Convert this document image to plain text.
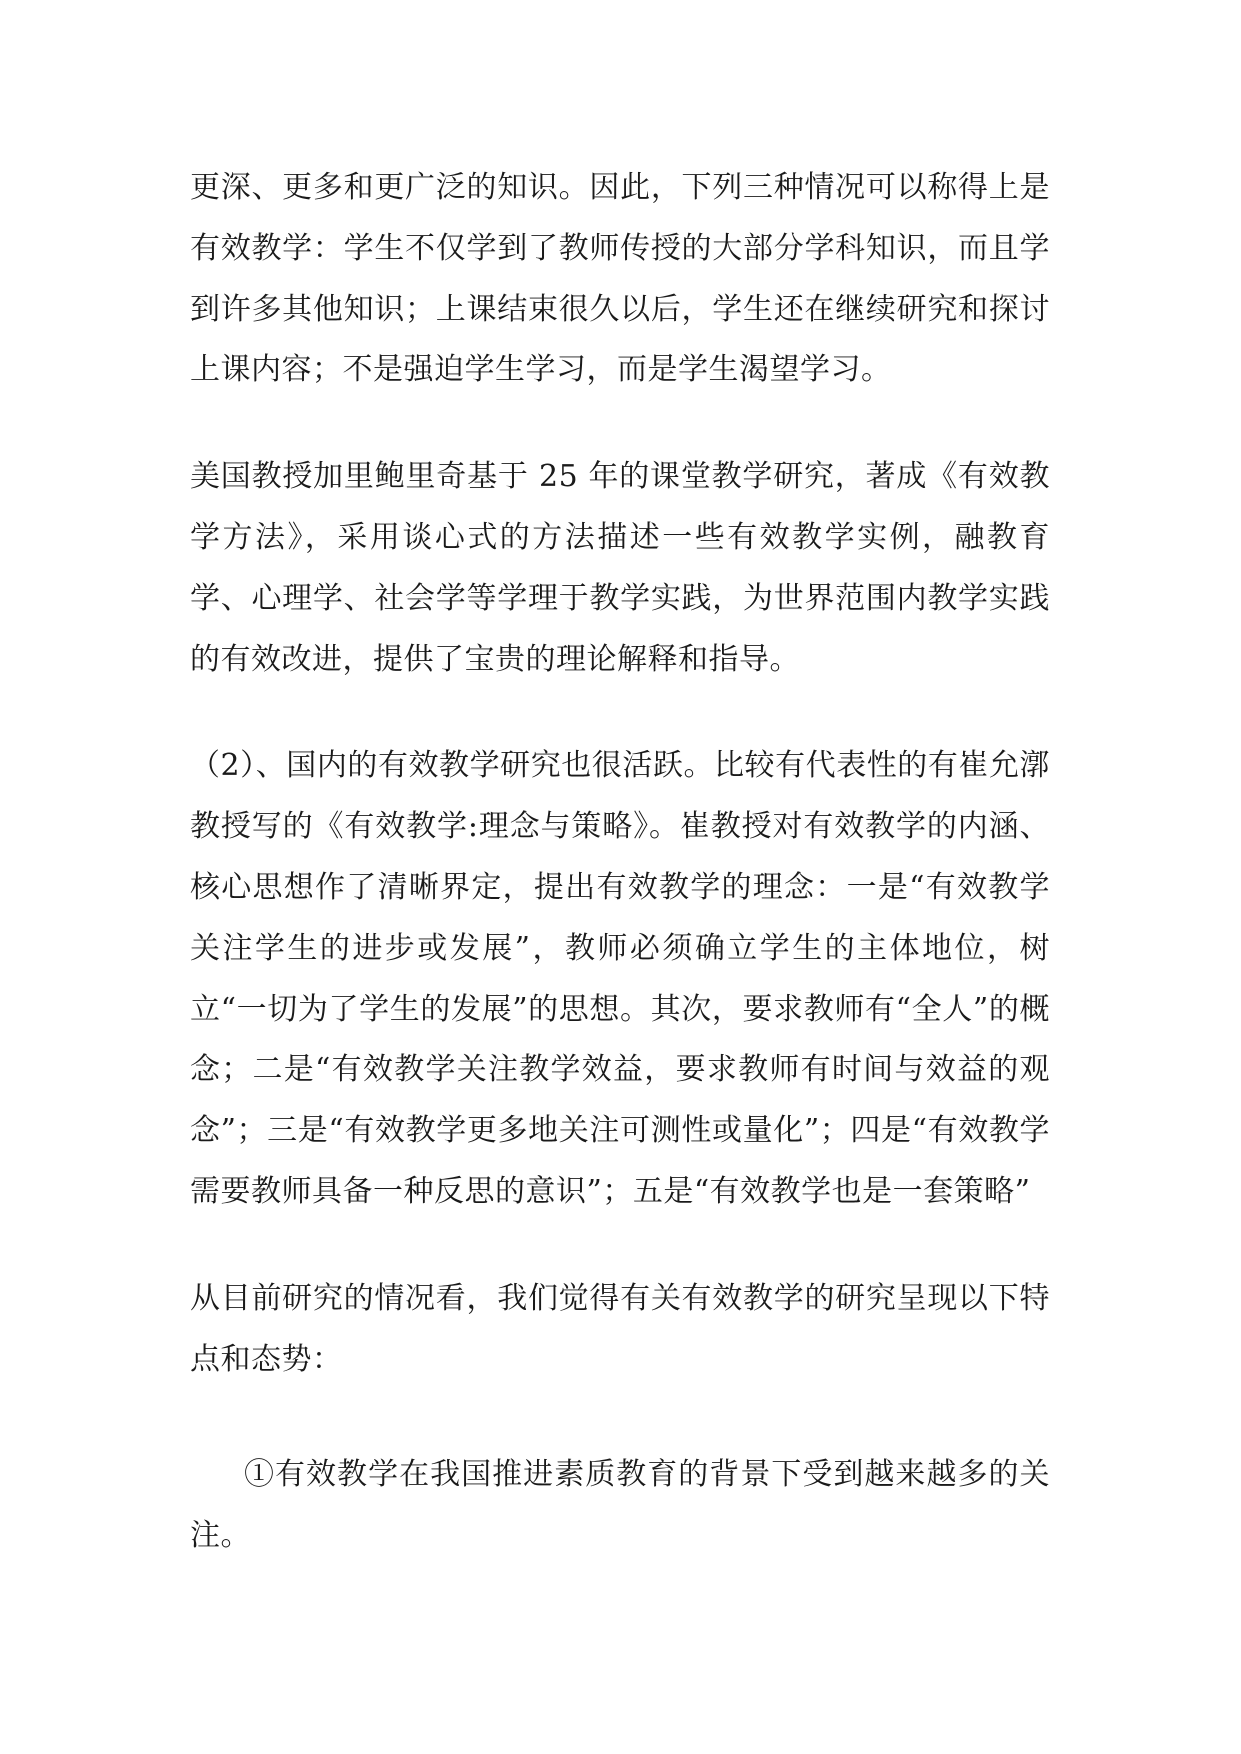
更深、更多和更广泛的知识。因此，下列三种情况可以称得上是有效教学：学生不仅学到了教师传授的大部分学科知识，而且学到许多其他知识；上课结束很久以后，学生还在继续研究和探讨上课内容；不是强迫学生学习，而是学生渴望学习。

美国教授加里鲍里奇基于 25 年的课堂教学研究，著成《有效教学方法》，采用谈心式的方法描述一些有效教学实例，融教育学、心理学、社会学等学理于教学实践，为世界范围内教学实践的有效改进，提供了宝贵的理论解释和指导。

（2）、国内的有效教学研究也很活跃。比较有代表性的有崔允漷教授写的《有效教学:理念与策略》。崔教授对有效教学的内涵、核心思想作了清晰界定，提出有效教学的理念：一是“有效教学关注学生的进步或发展”，教师必须确立学生的主体地位，树立“一切为了学生的发展”的思想。其次，要求教师有“全人”的概念；二是“有效教学关注教学效益，要求教师有时间与效益的观念”；三是“有效教学更多地关注可测性或量化”；四是“有效教学需要教师具备一种反思的意识”；五是“有效教学也是一套策略”

从目前研究的情况看，我们觉得有关有效教学的研究呈现以下特点和态势：

①有效教学在我国推进素质教育的背景下受到越来越多的关注。
